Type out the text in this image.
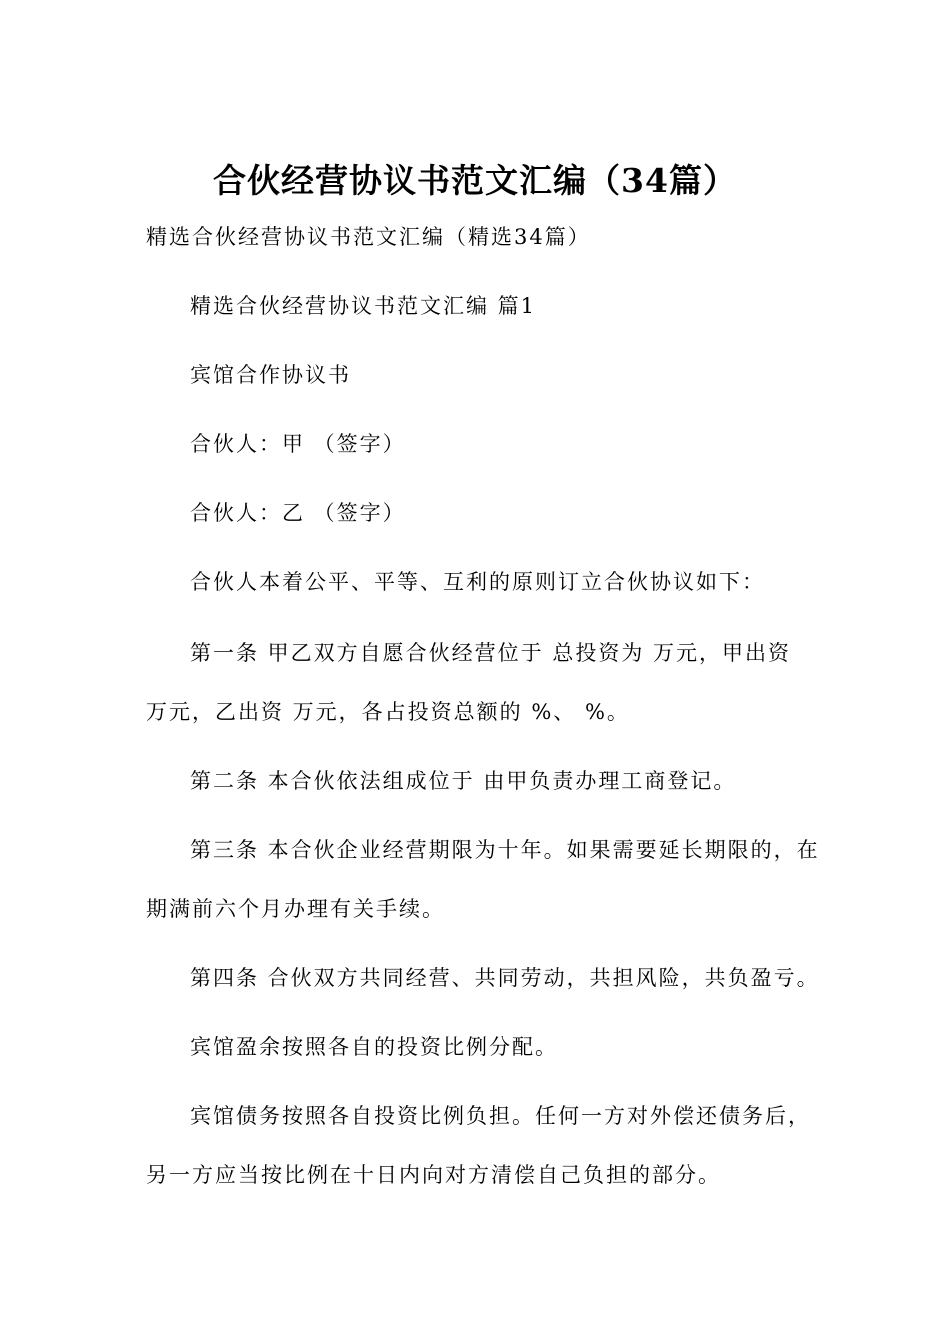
合伙经营协议书范文汇编（34篇）
精选合伙经营协议书范文汇编（精选34篇）
精选合伙经营协议书范文汇编 篇1
宾馆合作协议书
合伙人：甲 （签字）
合伙人：乙 （签字）
合伙人本着公平、平等、互利的原则订立合伙协议如下：
第一条 甲乙双方自愿合伙经营位于 总投资为 万元，甲出资
万元，乙出资 万元，各占投资总额的 %、 %。
第二条 本合伙依法组成位于 由甲负责办理工商登记。
第三条 本合伙企业经营期限为十年。如果需要延长期限的，在
期满前六个月办理有关手续。
第四条 合伙双方共同经营、共同劳动，共担风险，共负盈亏。
宾馆盈余按照各自的投资比例分配。
宾馆债务按照各自投资比例负担。任何一方对外偿还债务后，
另一方应当按比例在十日内向对方清偿自己负担的部分。
